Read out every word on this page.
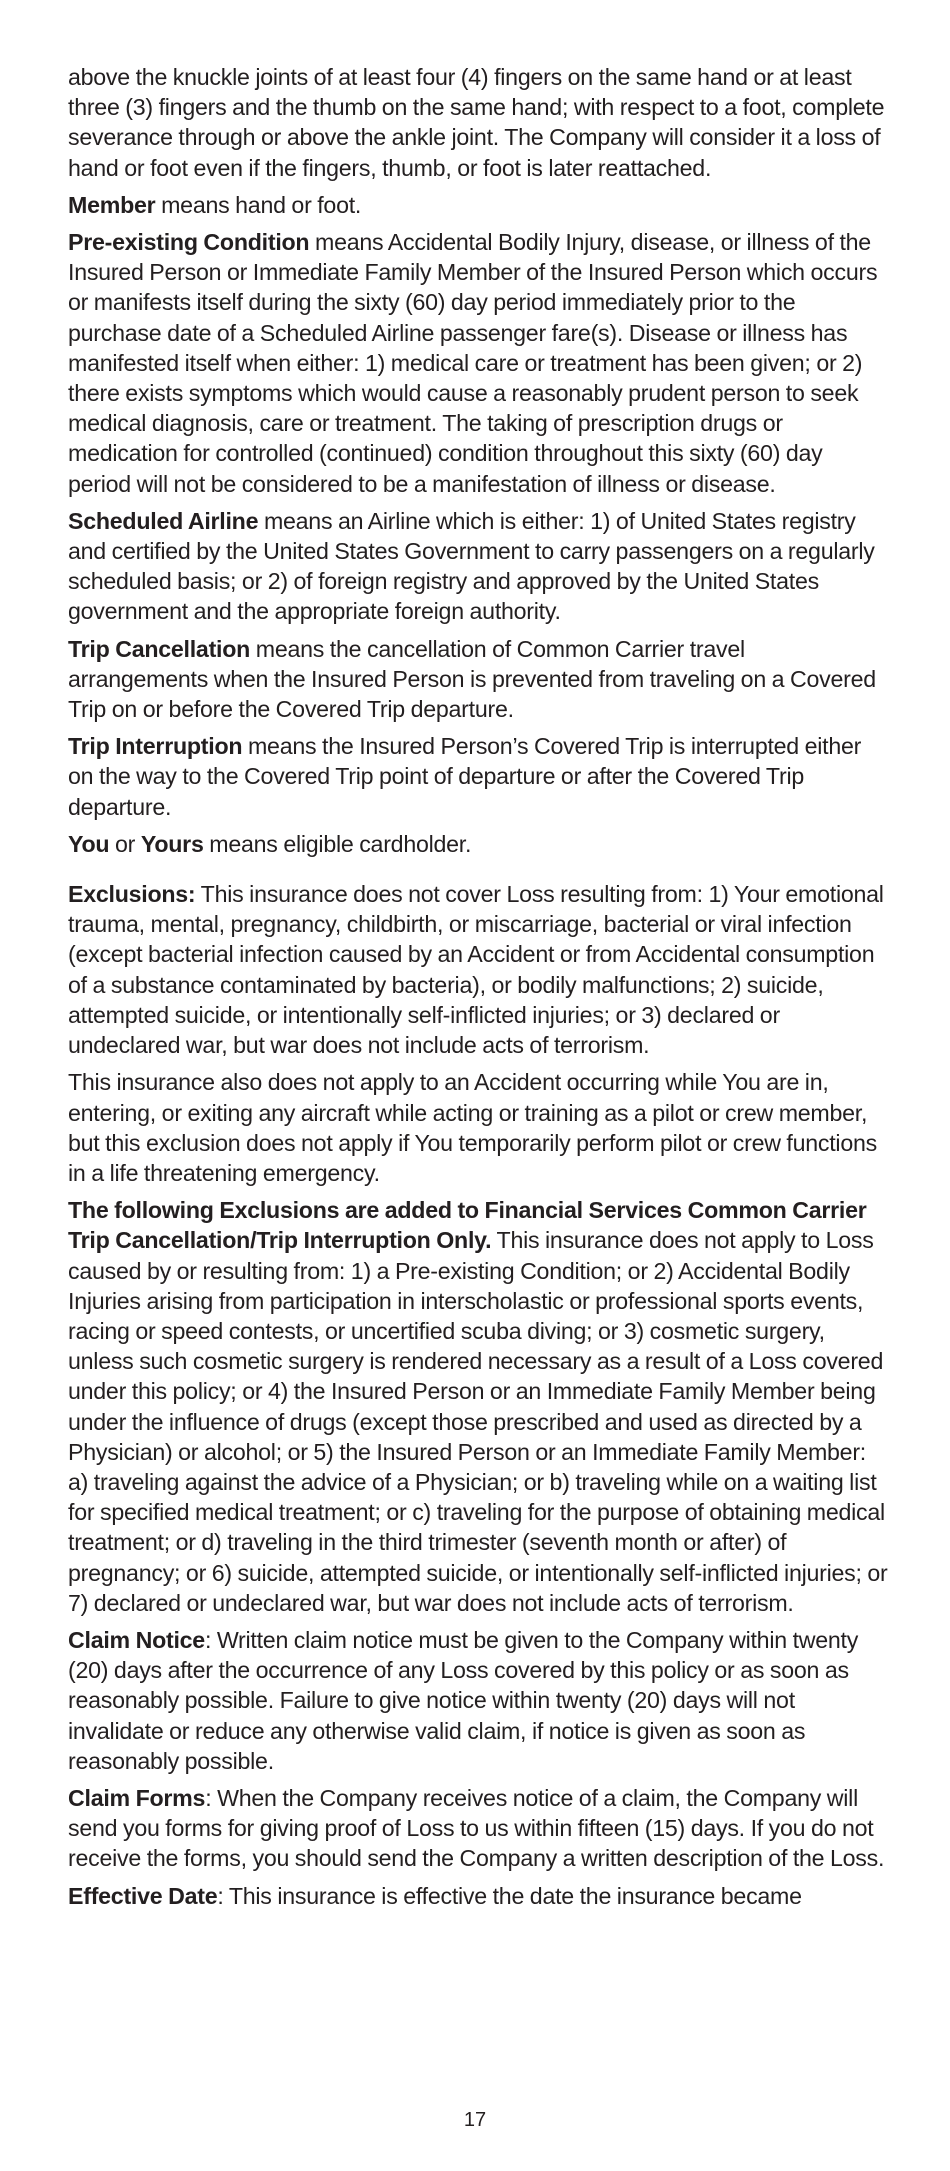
above the knuckle joints of at least four (4) fingers on the same hand or at least three (3) fingers and the thumb on the same hand; with respect to a foot, complete severance through or above the ankle joint. The Company will consider it a loss of hand or foot even if the fingers, thumb, or foot is later reattached.

Member means hand or foot.

Pre-existing Condition means Accidental Bodily Injury, disease, or illness of the Insured Person or Immediate Family Member of the Insured Person which occurs or manifests itself during the sixty (60) day period immediately prior to the purchase date of a Scheduled Airline passenger fare(s). Disease or illness has manifested itself when either: 1) medical care or treatment has been given; or 2) there exists symptoms which would cause a reasonably prudent person to seek medical diagnosis, care or treatment. The taking of prescription drugs or medication for controlled (continued) condition throughout this sixty (60) day period will not be considered to be a manifestation of illness or disease.

Scheduled Airline means an Airline which is either: 1) of United States registry and certified by the United States Government to carry passengers on a regularly scheduled basis; or 2) of foreign registry and approved by the United States government and the appropriate foreign authority.

Trip Cancellation means the cancellation of Common Carrier travel arrangements when the Insured Person is prevented from traveling on a Covered Trip on or before the Covered Trip departure.

Trip Interruption means the Insured Person’s Covered Trip is interrupted either on the way to the Covered Trip point of departure or after the Covered Trip departure.

You or Yours means eligible cardholder.

Exclusions: This insurance does not cover Loss resulting from: 1) Your emotional trauma, mental, pregnancy, childbirth, or miscarriage, bacterial or viral infection (except bacterial infection caused by an Accident or from Accidental consumption of a substance contaminated by bacteria), or bodily malfunctions; 2) suicide, attempted suicide, or intentionally self-inflicted injuries; or 3) declared or undeclared war, but war does not include acts of terrorism.

This insurance also does not apply to an Accident occurring while You are in, entering, or exiting any aircraft while acting or training as a pilot or crew member, but this exclusion does not apply if You temporarily perform pilot or crew functions in a life threatening emergency.

The following Exclusions are added to Financial Services Common Carrier Trip Cancellation/Trip Interruption Only. This insurance does not apply to Loss caused by or resulting from: 1) a Pre-existing Condition; or 2) Accidental Bodily Injuries arising from participation in interscholastic or professional sports events, racing or speed contests, or uncertified scuba diving; or 3) cosmetic surgery, unless such cosmetic surgery is rendered necessary as a result of a Loss covered under this policy; or 4) the Insured Person or an Immediate Family Member being under the influence of drugs (except those prescribed and used as directed by a Physician) or alcohol; or 5) the Insured Person or an Immediate Family Member: a) traveling against the advice of a Physician; or b) traveling while on a waiting list for specified medical treatment; or c) traveling for the purpose of obtaining medical treatment; or d) traveling in the third trimester (seventh month or after) of pregnancy; or 6) suicide, attempted suicide, or intentionally self-inflicted injuries; or 7) declared or undeclared war, but war does not include acts of terrorism.

Claim Notice: Written claim notice must be given to the Company within twenty (20) days after the occurrence of any Loss covered by this policy or as soon as reasonably possible. Failure to give notice within twenty (20) days will not invalidate or reduce any otherwise valid claim, if notice is given as soon as reasonably possible.

Claim Forms: When the Company receives notice of a claim, the Company will send you forms for giving proof of Loss to us within fifteen (15) days. If you do not receive the forms, you should send the Company a written description of the Loss.

Effective Date: This insurance is effective the date the insurance became

17
